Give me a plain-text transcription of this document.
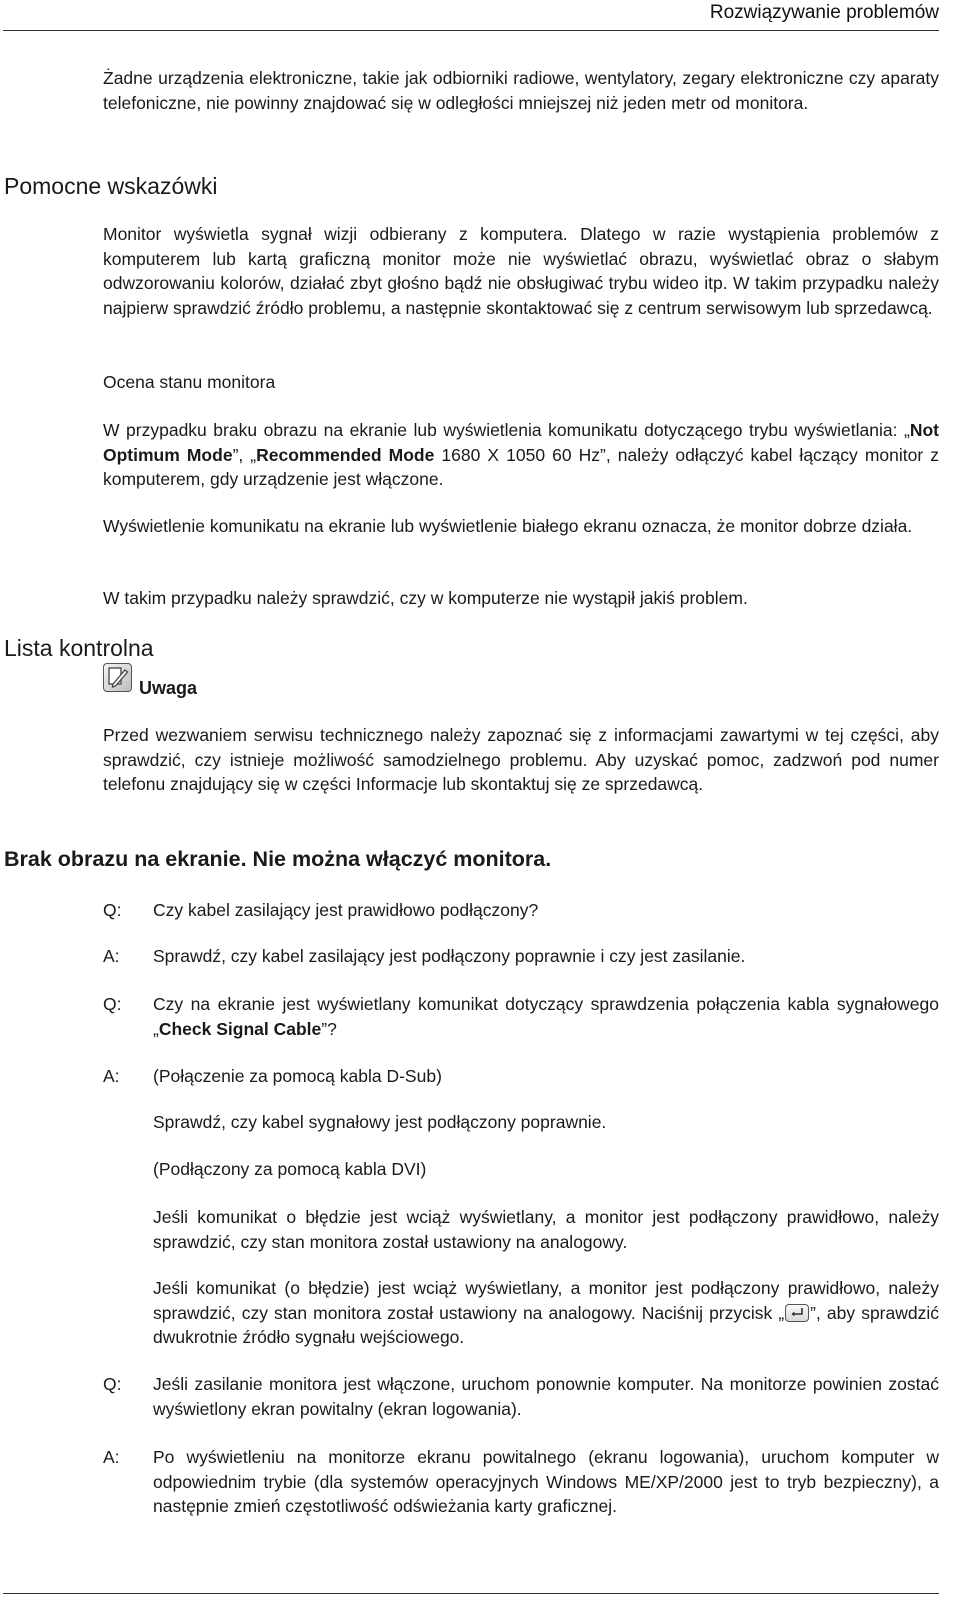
Rozwiązywanie problemów

Żadne urządzenia elektroniczne, takie jak odbiorniki radiowe, wentylatory, zegary elektroniczne czy aparaty telefoniczne, nie powinny znajdować się w odległości mniejszej niż jeden metr od monitora.

Pomocne wskazówki

Monitor wyświetla sygnał wizji odbierany z komputera. Dlatego w razie wystąpienia problemów z komputerem lub kartą graficzną monitor może nie wyświetlać obrazu, wyświetlać obraz o słabym odwzorowaniu kolorów, działać zbyt głośno bądź nie obsługiwać trybu wideo itp. W takim przypadku należy najpierw sprawdzić źródło problemu, a następnie skontaktować się z centrum serwisowym lub sprzedawcą.

Ocena stanu monitora

W przypadku braku obrazu na ekranie lub wyświetlenia komunikatu dotyczącego trybu wyświetlania: „Not Optimum Mode”, „Recommended Mode 1680 X 1050 60 Hz”, należy odłączyć kabel łączący monitor z komputerem, gdy urządzenie jest włączone.

Wyświetlenie komunikatu na ekranie lub wyświetlenie białego ekranu oznacza, że monitor dobrze działa.

W takim przypadku należy sprawdzić, czy w komputerze nie wystąpił jakiś problem.

Lista kontrolna
Uwaga

Przed wezwaniem serwisu technicznego należy zapoznać się z informacjami zawartymi w tej części, aby sprawdzić, czy istnieje możliwość samodzielnego problemu. Aby uzyskać pomoc, zadzwoń pod numer telefonu znajdujący się w części Informacje lub skontaktuj się ze sprzedawcą.

Brak obrazu na ekranie. Nie można włączyć monitora.
Q: Czy kabel zasilający jest prawidłowo podłączony?

A: Sprawdź, czy kabel zasilający jest podłączony poprawnie i czy jest zasilanie.

Q: Czy na ekranie jest wyświetlany komunikat dotyczący sprawdzenia połączenia kabla sygnałowego „Check Signal Cable”?

A: (Połączenie za pomocą kabla D-Sub)

Sprawdź, czy kabel sygnałowy jest podłączony poprawnie.

(Podłączony za pomocą kabla DVI)

Jeśli komunikat o błędzie jest wciąż wyświetlany, a monitor jest podłączony prawidłowo, należy sprawdzić, czy stan monitora został ustawiony na analogowy.

Jeśli komunikat (o błędzie) jest wciąż wyświetlany, a monitor jest podłączony prawidłowo, należy sprawdzić, czy stan monitora został ustawiony na analogowy. Naciśnij przycisk „ ”, aby sprawdzić dwukrotnie źródło sygnału wejściowego.

Q: Jeśli zasilanie monitora jest włączone, uruchom ponownie komputer. Na monitorze powinien zostać wyświetlony ekran powitalny (ekran logowania).

A: Po wyświetleniu na monitorze ekranu powitalnego (ekranu logowania), uruchom komputer w odpowiednim trybie (dla systemów operacyjnych Windows ME/XP/2000 jest to tryb bezpieczny), a następnie zmień częstotliwość odświeżania karty graficznej.
